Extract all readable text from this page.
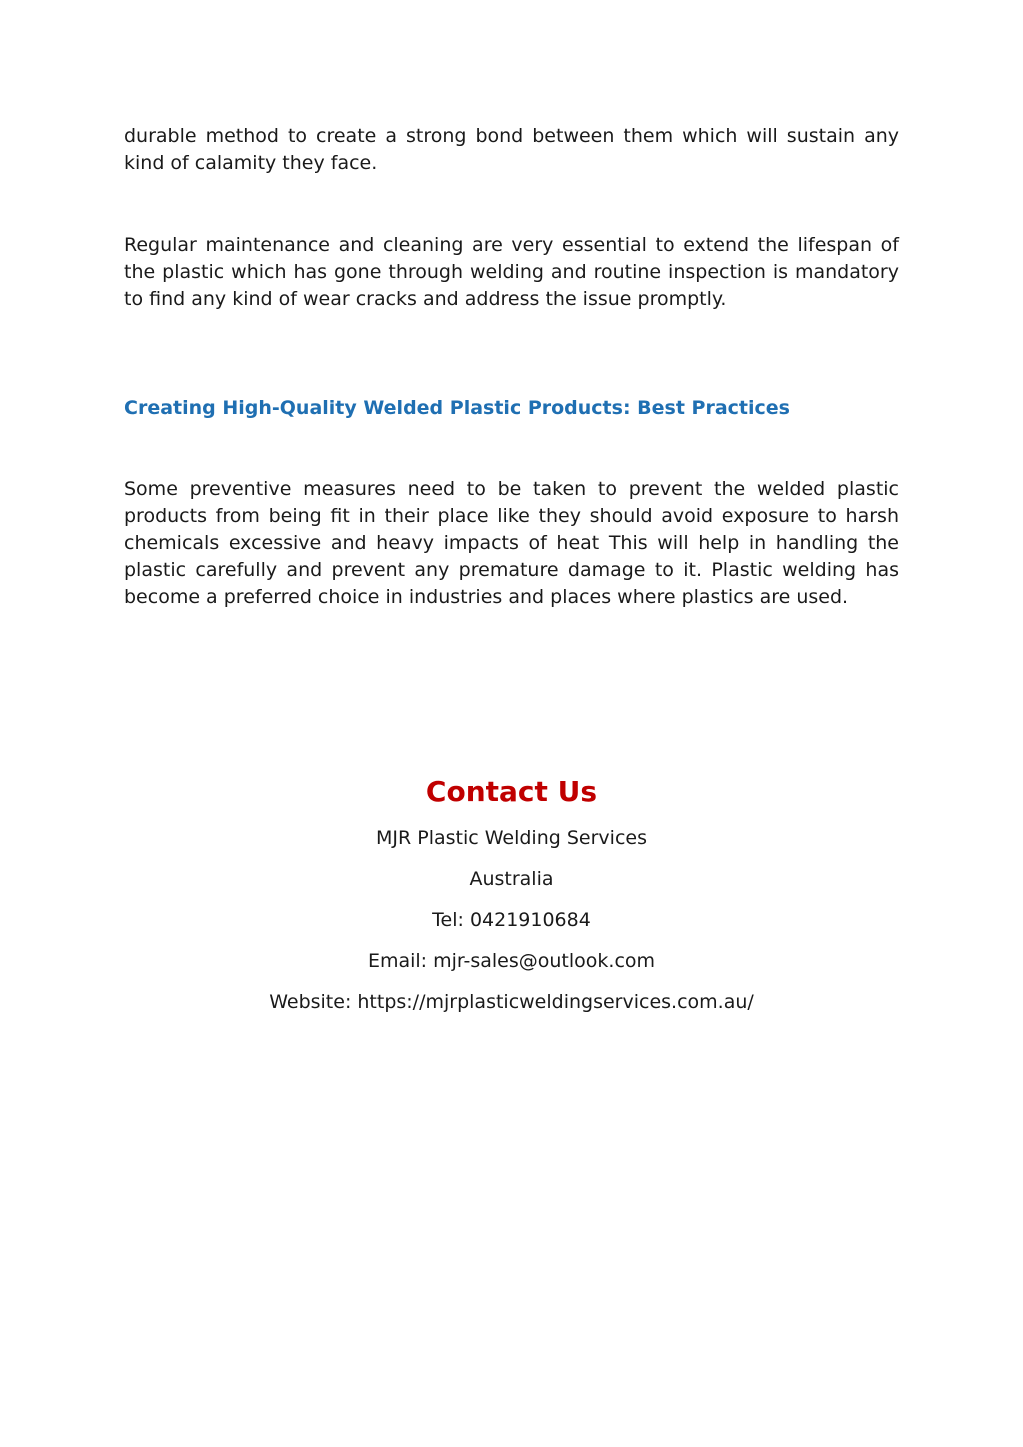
durable method to create a strong bond between them which will sustain any kind of calamity they face.

Regular maintenance and cleaning are very essential to extend the lifespan of the plastic which has gone through welding and routine inspection is mandatory to find any kind of wear cracks and address the issue promptly.

Creating High-Quality Welded Plastic Products: Best Practices

Some preventive measures need to be taken to prevent the welded plastic products from being fit in their place like they should avoid exposure to harsh chemicals excessive and heavy impacts of heat This will help in handling the plastic carefully and prevent any premature damage to it. Plastic welding has become a preferred choice in industries and places where plastics are used.

Contact Us

MJR Plastic Welding Services

Australia

Tel: 0421910684

Email: mjr-sales@outlook.com

Website: https://mjrplasticweldingservices.com.au/
